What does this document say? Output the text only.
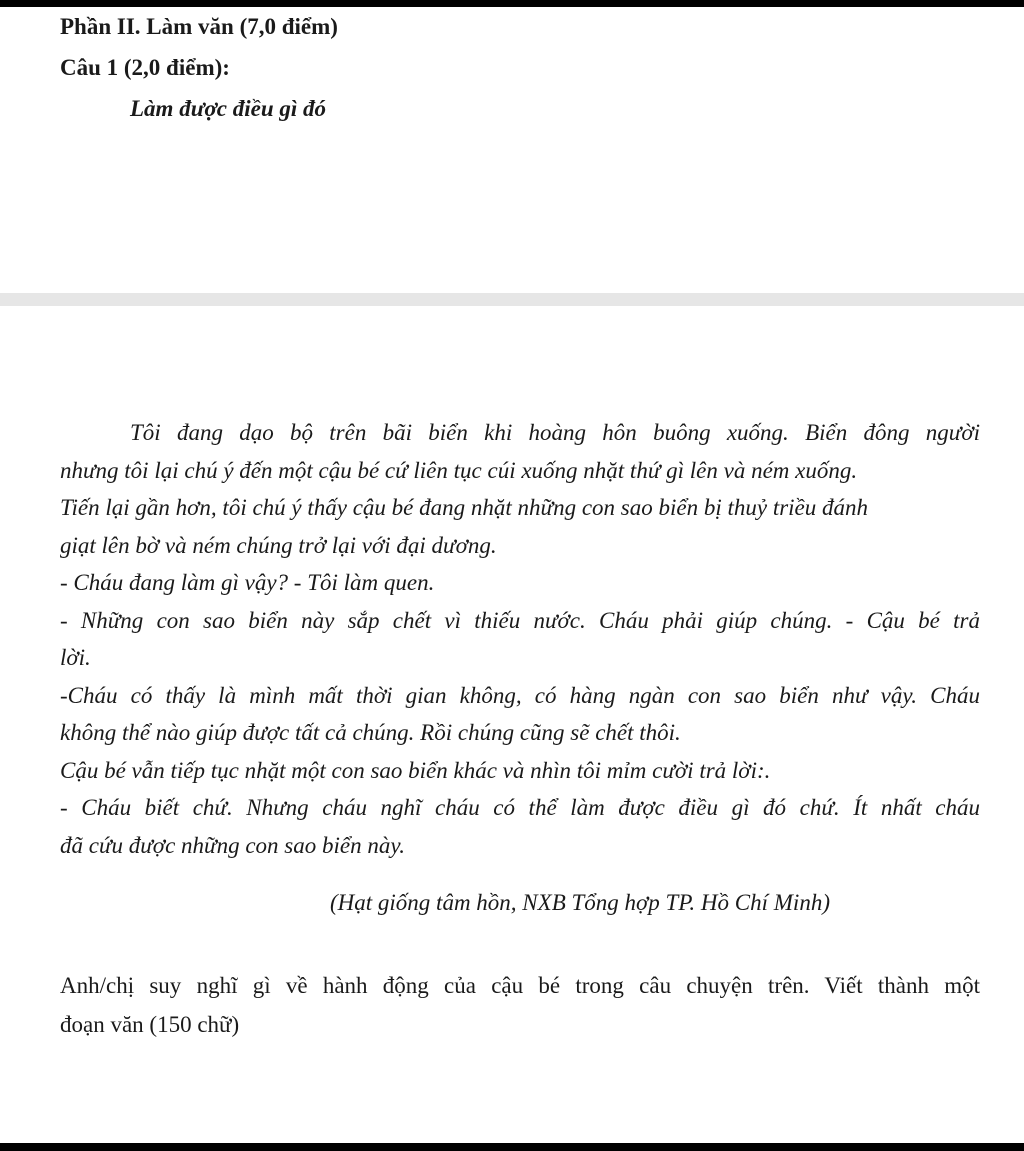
Phần II. Làm văn (7,0 điểm)
Câu 1 (2,0 điểm):
Làm được điều gì đó
Tôi đang dạo bộ trên bãi biển khi hoàng hôn buông xuống. Biển đông người
nhưng tôi lại chú ý đến một cậu bé cứ liên tục cúi xuống nhặt thứ gì lên và ném xuống.
Tiến lại gần hơn, tôi chú ý thấy cậu bé đang nhặt những con sao biển bị thuỷ triều đánh
giạt lên bờ và ném chúng trở lại với đại dương.
- Cháu đang làm gì vậy? - Tôi làm quen.
- Những con sao biển này sắp chết vì thiếu nước. Cháu phải giúp chúng. - Cậu bé trả
lời.
-Cháu có thấy là mình mất thời gian không, có hàng ngàn con sao biển như vậy. Cháu
không thể nào giúp được tất cả chúng. Rồi chúng cũng sẽ chết thôi.
Cậu bé vẫn tiếp tục nhặt một con sao biển khác và nhìn tôi mỉm cười trả lời:.
- Cháu biết chứ. Nhưng cháu nghĩ cháu có thể làm được điều gì đó chứ. Ít nhất cháu
đã cứu được những con sao biển này.
(Hạt giống tâm hồn, NXB Tổng hợp TP. Hồ Chí Minh)
Anh/chị suy nghĩ gì về hành động của cậu bé trong câu chuyện trên. Viết thành một
đoạn văn (150 chữ)
